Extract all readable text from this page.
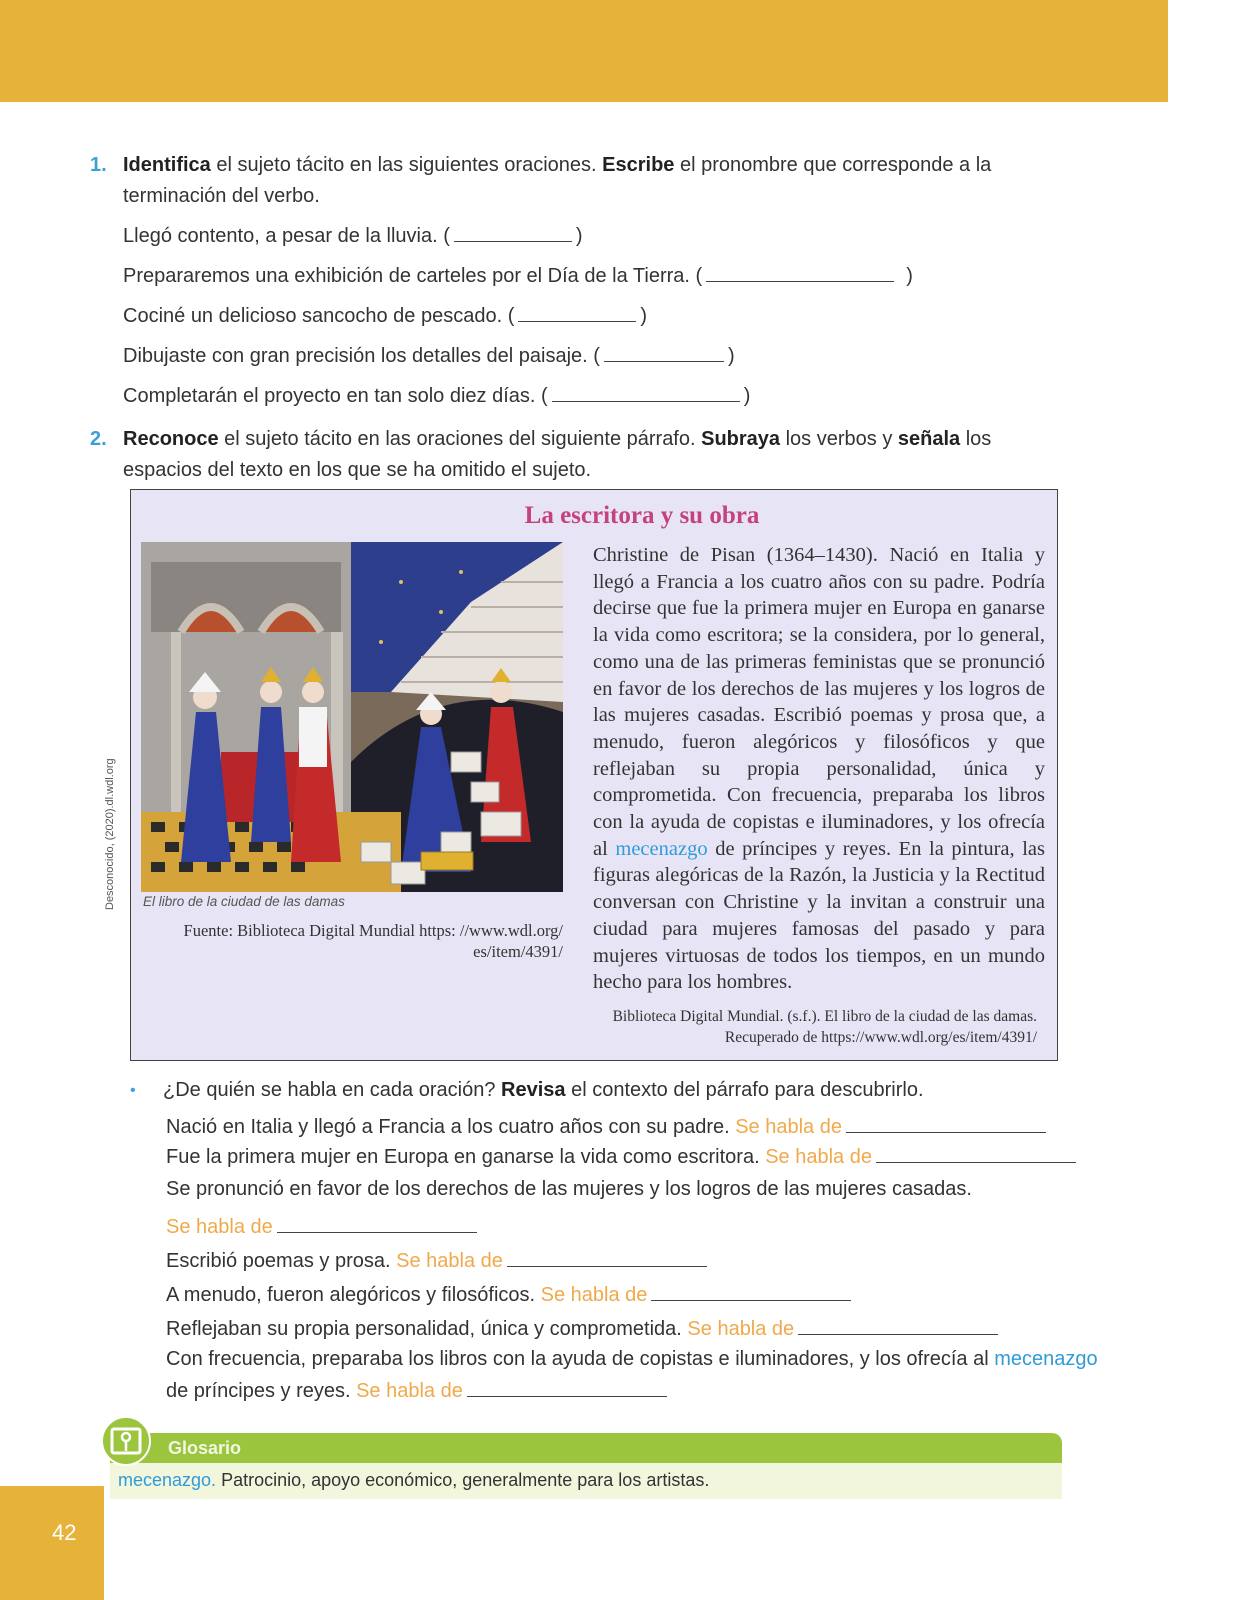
42
1. Identifica el sujeto tácito en las siguientes oraciones. Escribe el pronombre que corresponde a la terminación del verbo.
Llegó contento, a pesar de la lluvia. (	)
Prepararemos una exhibición de carteles por el Día de la Tierra. (	)
Cociné un delicioso sancocho de pescado. (	)
Dibujaste con gran precisión los detalles del paisaje. (	)
Completarán el proyecto en tan solo diez días. (	)
2. Reconoce el sujeto tácito en las oraciones del siguiente párrafo. Subraya los verbos y señala los espacios del texto en los que se ha omitido el sujeto.
Desconocido, (2020).dl.wdl.org
La escritora y su obra
El libro de la ciudad de las damas
Fuente: Biblioteca Digital Mundial https: //www.wdl.org/
es/item/4391/
Christine de Pisan (1364–1430). Nació en Italia y llegó a Francia a los cuatro años con su padre. Podría decirse que fue la primera mujer en Europa en ganarse la vida como escritora; se la considera, por lo general, como una de las primeras feministas que se pronunció en favor de los derechos de las mujeres y los logros de las mujeres casadas. Escribió poemas y prosa que, a menudo, fueron alegóricos y filosóficos y que reflejaban su propia personalidad, única y comprometida. Con frecuencia, preparaba los libros con la ayuda de copistas e iluminadores, y los ofrecía al mecenazgo de príncipes y reyes. En la pintura, las figuras alegóricas de la Razón, la Justicia y la Rectitud conversan con Christine y la invitan a construir una ciudad para mujeres famosas del pasado y para mujeres virtuosas de todos los tiempos, en un mundo hecho para los hombres.
Biblioteca Digital Mundial. (s.f.). El libro de la ciudad de las damas.
Recuperado de https://www.wdl.org/es/item/4391/
• ¿De quién se habla en cada oración? Revisa el contexto del párrafo para descubrirlo.
Nació en Italia y llegó a Francia a los cuatro años con su padre. Se habla de
Fue la primera mujer en Europa en ganarse la vida como escritora. Se habla de
Se pronunció en favor de los derechos de las mujeres y los logros de las mujeres casadas.
Se habla de
Escribió poemas y prosa. Se habla de
A menudo, fueron alegóricos y filosóficos. Se habla de
Reflejaban su propia personalidad, única y comprometida. Se habla de
Con frecuencia, preparaba los libros con la ayuda de copistas e iluminadores, y los ofrecía al mecenazgo
de príncipes y reyes. Se habla de
Glosario
mecenazgo. Patrocinio, apoyo económico, generalmente para los artistas.
